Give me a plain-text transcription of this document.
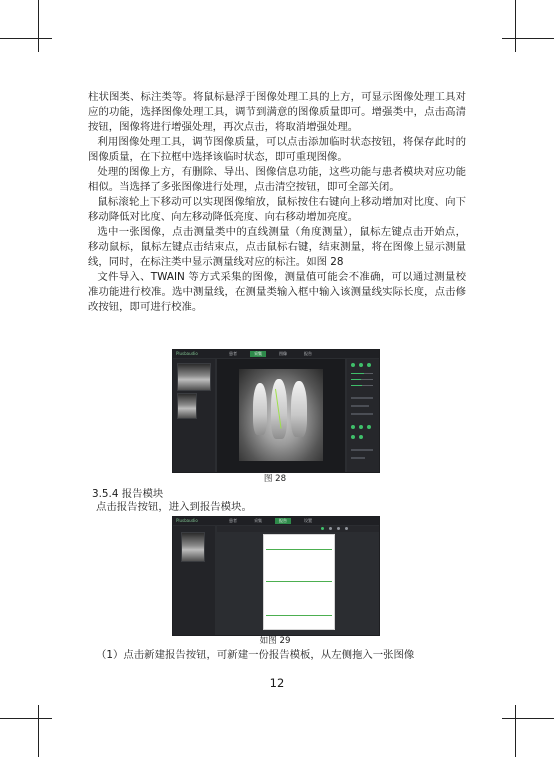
柱状图类、标注类等。将鼠标悬浮于图像处理工具的上方，可显示图像处理工具对应的功能，选择图像处理工具，调节到满意的图像质量即可。增强类中，点击高清按钮，图像将进行增强处理，再次点击，将取消增强处理。

利用图像处理工具，调节图像质量，可以点击添加临时状态按钮，将保存此时的图像质量，在下拉框中选择该临时状态，即可重现图像。

处理的图像上方，有删除、导出、图像信息功能，这些功能与患者模块对应功能相似。当选择了多张图像进行处理，点击清空按钮，即可全部关闭。

鼠标滚轮上下移动可以实现图像缩放，鼠标按住右键向上移动增加对比度、向下移动降低对比度、向左移动降低亮度、向右移动增加亮度。

选中一张图像，点击测量类中的直线测量（角度测量），鼠标左键点击开始点，移动鼠标，鼠标左键点击结束点，点击鼠标右键，结束测量，将在图像上显示测量线，同时，在标注类中显示测量线对应的标注。如图 28

文件导入、TWAIN 等方式采集的图像，测量值可能会不准确，可以通过测量校准功能进行校准。选中测量线，在测量类输入框中输入该测量线实际长度，点击修改按钮，即可进行校准。

Plusbaudio	患者	采集	图像	报告
图 28
3.5.4 报告模块
点击报告按钮，进入到报告模块。
Plusbaudio	患者	采集	报告	设置
如图 29
（1）点击新建报告按钮，可新建一份报告模板，从左侧拖入一张图像
12
